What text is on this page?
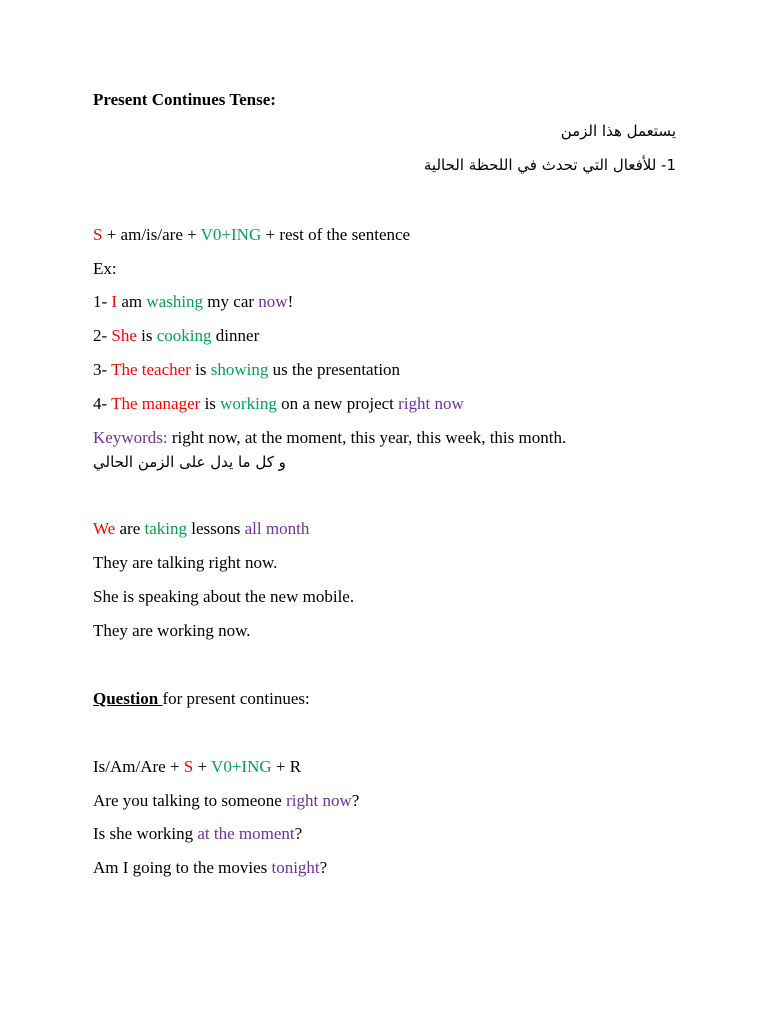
Present Continues Tense:
يستعمل هذا الزمن
1- للأفعال التي تحدث في اللحظة الحالية
S + am/is/are + V0+ING + rest of the sentence
Ex:
1- I am washing my car now!
2- She is cooking dinner
3- The teacher is showing us the presentation
4- The manager is working on a new project right now
Keywords: right now, at the moment, this year, this week, this month.
و كل ما يدل على الزمن الحالي
We are taking lessons all month
They are talking right now.
She is speaking about the new mobile.
They are working now.
Question for present continues:
Is/Am/Are + S + V0+ING + R
Are you talking to someone right now?
Is she working at the moment?
Am I going to the movies tonight?
